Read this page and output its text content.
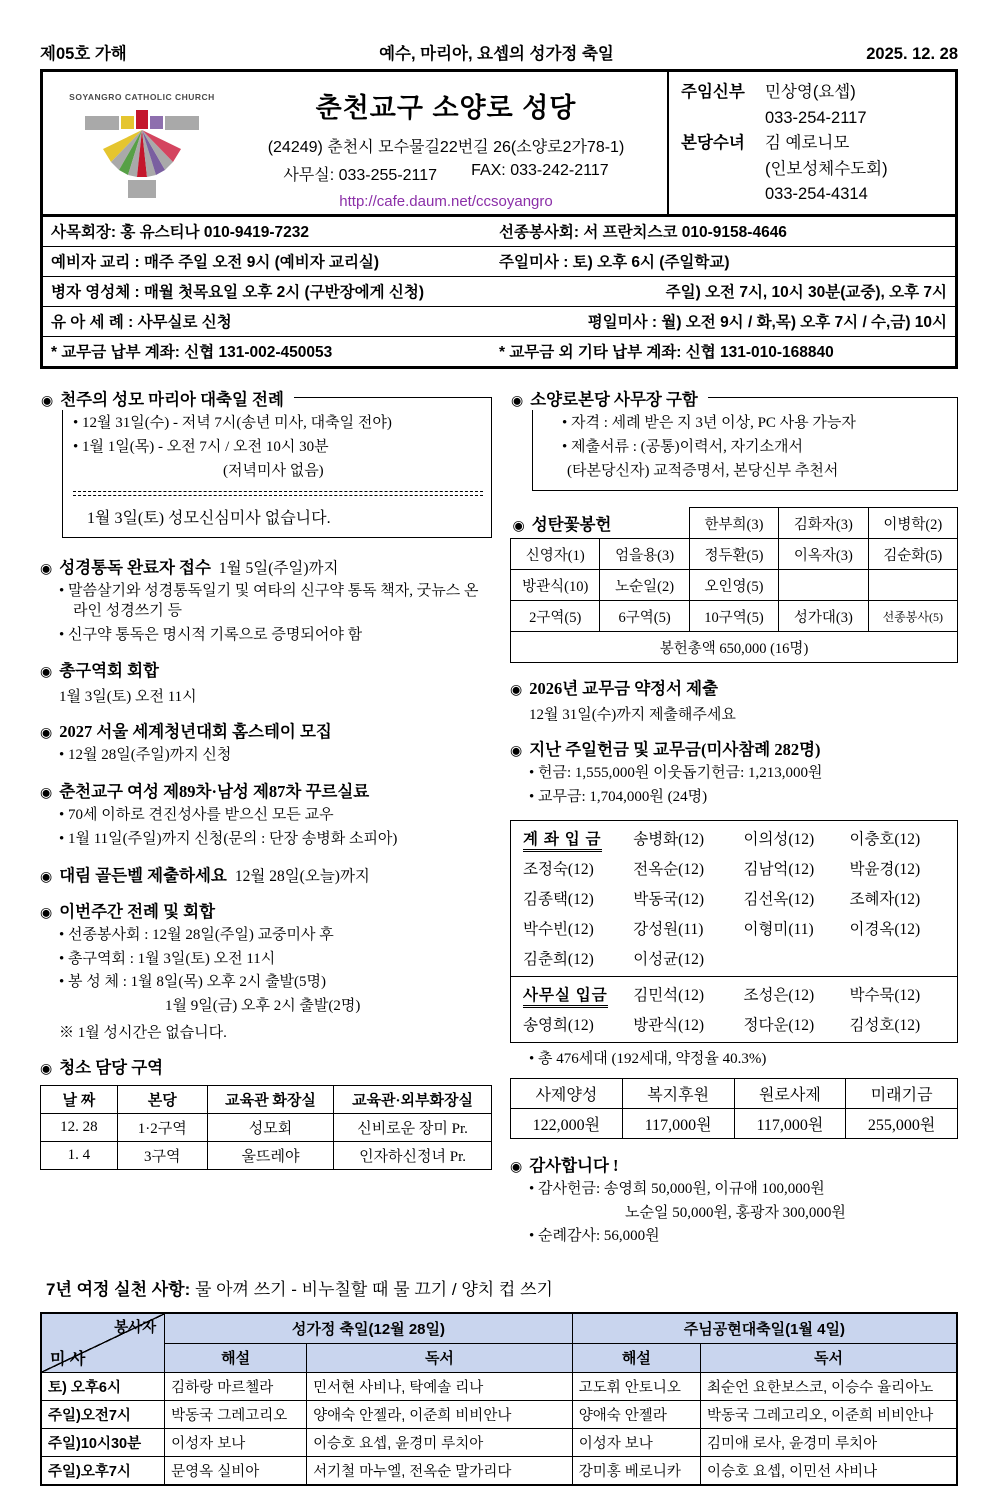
제05호 가해	예수, 마리아, 요셉의 성가정 축일	2025. 12. 28
SOYANGRO CATHOLIC CHURCH	춘천교구 소양로 성당
(24249) 춘천시 모수물길22번길 26(소양로2가78-1)
사무실: 033-255-2117 FAX: 033-242-2117
http://cafe.daum.net/ccsoyangro
주임신부	민상영(요셉)
033-254-2117
본당수녀	김 예로니모
(인보성체수도회)
033-254-4314
사목회장: 홍 유스티나 010-9419-7232	선종봉사회: 서 프란치스코 010-9158-4646
예비자 교리 : 매주 주일 오전 9시 (예비자 교리실)	주일미사 : 토) 오후 6시 (주일학교)
병자 영성체 : 매월 첫목요일 오후 2시 (구반장에게 신청)	주일) 오전 7시, 10시 30분(교중), 오후 7시
유 아 세 례 : 사무실로 신청	평일미사 : 월) 오전 9시 / 화,목) 오후 7시 / 수,금) 10시
* 교무금 납부 계좌: 신협 131-002-450053	* 교무금 외 기타 납부 계좌: 신협 131-010-168840
◉ 천주의 성모 마리아 대축일 전례
• 12월 31일(수) - 저녁 7시(송년 미사, 대축일 전야)
• 1월 1일(목) - 오전 7시 / 오전 10시 30분
(저녁미사 없음)
1월 3일(토) 성모신심미사 없습니다.
◉ 성경통독 완료자 접수 1월 5일(주일)까지
• 말씀살기와 성경통독일기 및 여타의 신구약 통독 책자, 굿뉴스 온라인 성경쓰기 등
• 신구약 통독은 명시적 기록으로 증명되어야 함
◉ 총구역회 회합
1월 3일(토) 오전 11시
◉ 2027 서울 세계청년대회 홈스테이 모집
• 12월 28일(주일)까지 신청
◉ 춘천교구 여성 제89차·남성 제87차 꾸르실료
• 70세 이하로 견진성사를 받으신 모든 교우
• 1월 11일(주일)까지 신청(문의 : 단장 송병화 소피아)
◉ 대림 골든벨 제출하세요 12월 28일(오늘)까지
◉ 이번주간 전례 및 회합
• 선종봉사회 : 12월 28일(주일) 교중미사 후
• 총구역회 : 1월 3일(토) 오전 11시
• 봉 성 체 : 1월 8일(목) 오후 2시 출발(5명)
1월 9일(금) 오후 2시 출발(2명)
※ 1월 성시간은 없습니다.
◉ 청소 담당 구역
날 짜	본당	교육관 화장실	교육관·외부화장실
12. 28	1·2구역	성모회	신비로운 장미 Pr.
1. 4	3구역	울뜨레야	인자하신정녀 Pr.
◉ 소양로본당 사무장 구함
• 자격 : 세례 받은 지 3년 이상, PC 사용 가능자
• 제출서류 : (공통)이력서, 자기소개서
(타본당신자) 교적증명서, 본당신부 추천서
◉ 성탄꽃봉헌		한부희(3)	김화자(3)	이병학(2)
신영자(1)	엄을용(3)	정두환(5)	이옥자(3)	김순화(5)
방관식(10)	노순일(2)	오인영(5)		
2구역(5)	6구역(5)	10구역(5)	성가대(3)	선종봉사(5)
봉헌총액 650,000 (16명)				
◉ 2026년 교무금 약정서 제출
12월 31일(수)까지 제출해주세요
◉ 지난 주일헌금 및 교무금(미사참례 282명)
• 헌금: 1,555,000원 이웃돕기헌금: 1,213,000원
• 교무금: 1,704,000원 (24명)
계 좌 입 금	송병화(12)	이의성(12)	이충호(12)
조정숙(12)	전옥순(12)	김남억(12)	박윤경(12)
김종택(12)	박동국(12)	김선옥(12)	조혜자(12)
박수빈(12)	강성원(11)	이형미(11)	이경옥(12)
김춘희(12)	이성균(12)
사무실 입금	김민석(12)	조성은(12)	박수묵(12)
송영희(12)	방관식(12)	정다운(12)	김성호(12)
• 총 476세대 (192세대, 약정율 40.3%)
사제양성	복지후원	원로사제	미래기금
122,000원	117,000원	117,000원	255,000원
◉ 감사합니다 !
• 감사헌금: 송영희 50,000원, 이규애 100,000원
노순일 50,000원, 홍광자 300,000원
• 순례감사: 56,000원
7년 여정 실천 사항: 물 아껴 쓰기 - 비누칠할 때 물 끄기 / 양치 컵 쓰기
봉사자
미 사	성가정 축일(12월 28일)		주님공현대축일(1월 4일)	
	해설	독서	해설	독서
토) 오후6시	김하랑 마르첼라	민서현 사비나, 탁예솔 리나	고도휘 안토니오	최순언 요한보스코, 이승수 율리아노
주일)오전7시	박동국 그레고리오	양애숙 안젤라, 이준희 비비안나	양애숙 안젤라	박동국 그레고리오, 이준희 비비안나
주일)10시30분	이성자 보나	이승호 요셉, 윤경미 루치아	이성자 보나	김미애 로사, 윤경미 루치아
주일)오후7시	문영옥 실비아	서기철 마누엘, 전옥순 말가리다	강미홍 베로니카	이승호 요셉, 이민선 사비나
